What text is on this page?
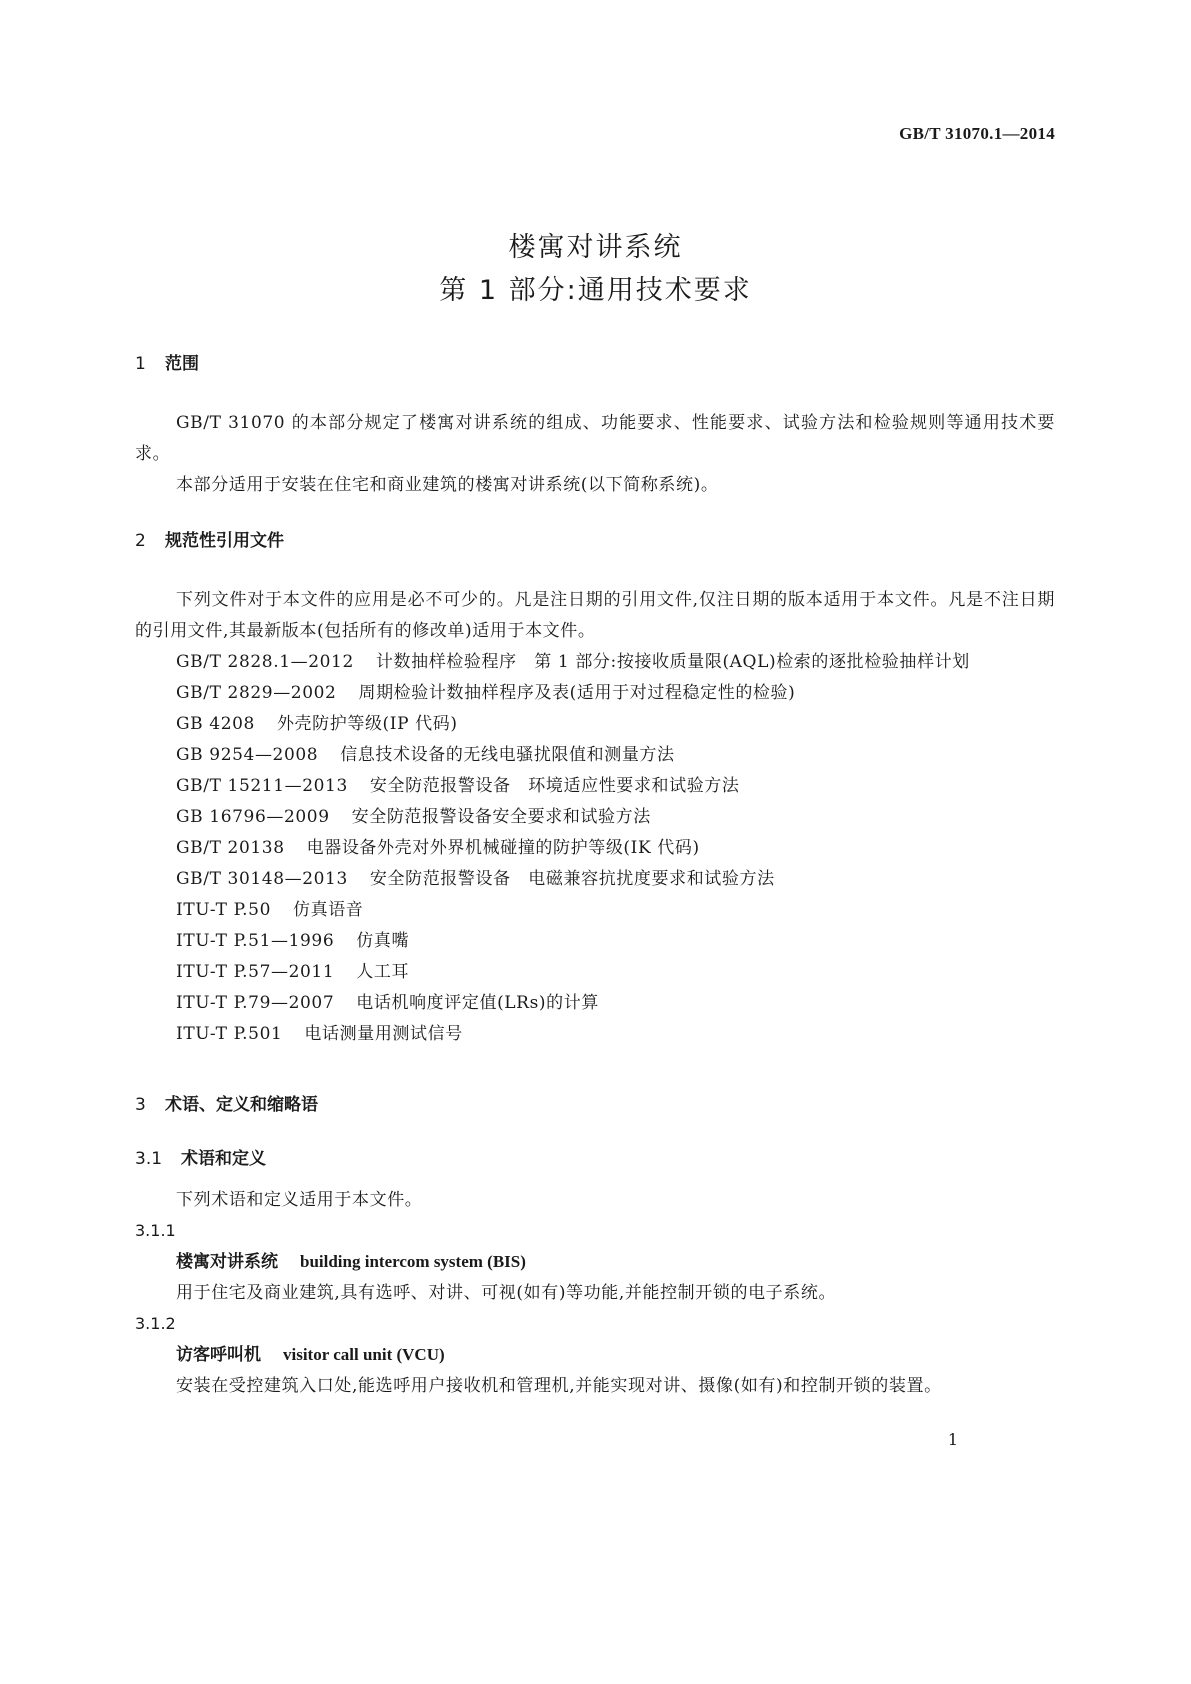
GB/T 31070.1—2014
楼寓对讲系统
第 1 部分:通用技术要求
1 范围
GB/T 31070 的本部分规定了楼寓对讲系统的组成、功能要求、性能要求、试验方法和检验规则等通用技术要求。
本部分适用于安装在住宅和商业建筑的楼寓对讲系统(以下简称系统)。
2 规范性引用文件
下列文件对于本文件的应用是必不可少的。凡是注日期的引用文件,仅注日期的版本适用于本文件。凡是不注日期的引用文件,其最新版本(包括所有的修改单)适用于本文件。
GB/T 2828.1—2012 计数抽样检验程序　第 1 部分:按接收质量限(AQL)检索的逐批检验抽样计划
GB/T 2829—2002 周期检验计数抽样程序及表(适用于对过程稳定性的检验)
GB 4208 外壳防护等级(IP 代码)
GB 9254—2008 信息技术设备的无线电骚扰限值和测量方法
GB/T 15211—2013 安全防范报警设备　环境适应性要求和试验方法
GB 16796—2009 安全防范报警设备安全要求和试验方法
GB/T 20138 电器设备外壳对外界机械碰撞的防护等级(IK 代码)
GB/T 30148—2013 安全防范报警设备　电磁兼容抗扰度要求和试验方法
ITU-T P.50 仿真语音
ITU-T P.51—1996 仿真嘴
ITU-T P.57—2011 人工耳
ITU-T P.79—2007 电话机响度评定值(LRs)的计算
ITU-T P.501 电话测量用测试信号
3 术语、定义和缩略语
3.1 术语和定义
下列术语和定义适用于本文件。
3.1.1
楼寓对讲系统 building intercom system (BIS)
用于住宅及商业建筑,具有选呼、对讲、可视(如有)等功能,并能控制开锁的电子系统。
3.1.2
访客呼叫机 visitor call unit (VCU)
安装在受控建筑入口处,能选呼用户接收机和管理机,并能实现对讲、摄像(如有)和控制开锁的装置。
1
